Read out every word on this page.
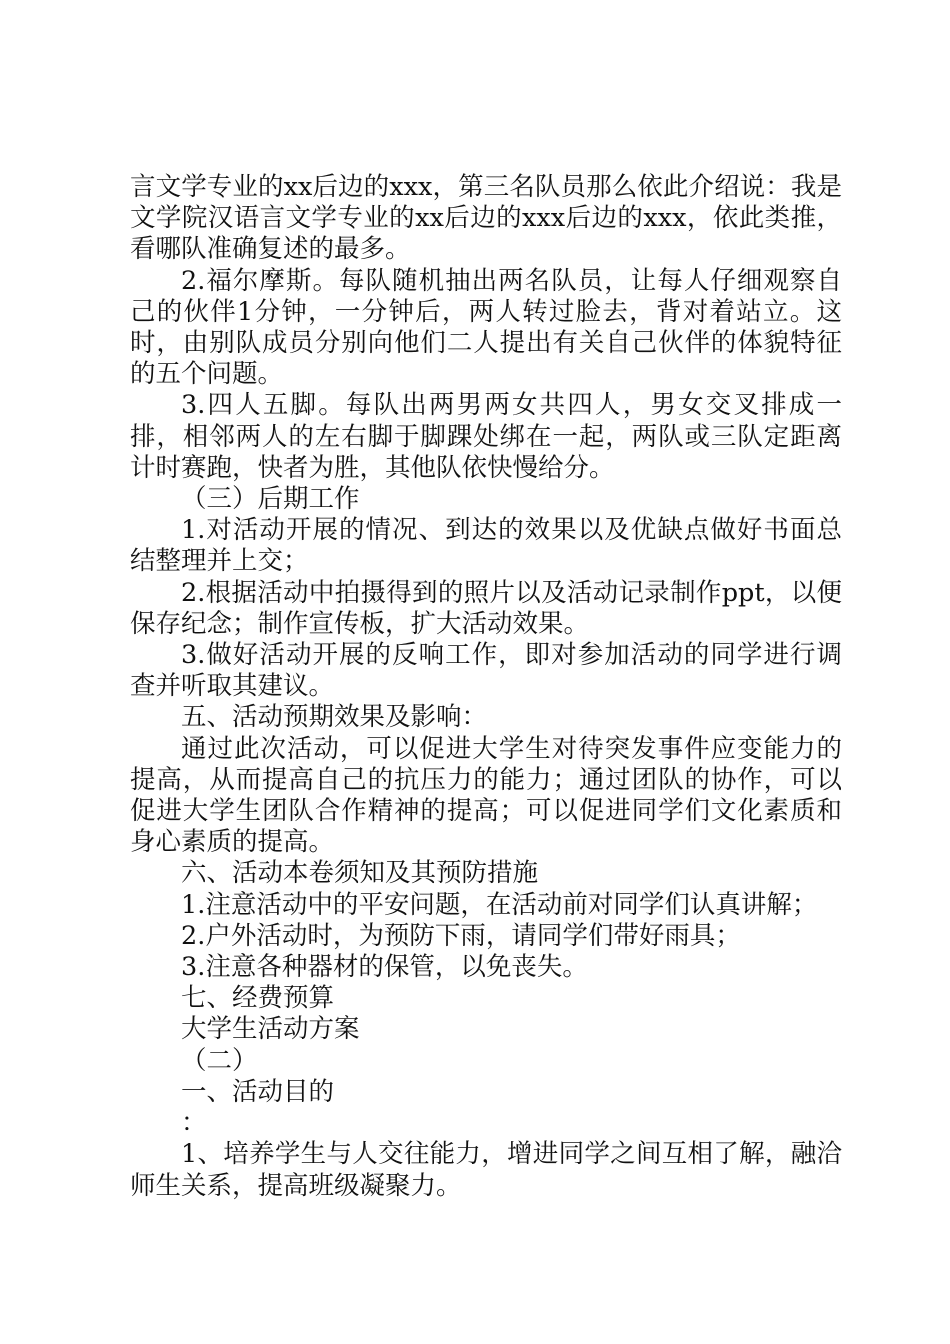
言文学专业的xx后边的xxx，第三名队员那么依此介绍说：我是文学院汉语言文学专业的xx后边的xxx后边的xxx，依此类推，看哪队准确复述的最多。

2.福尔摩斯。每队随机抽出两名队员，让每人仔细观察自己的伙伴1分钟，一分钟后，两人转过脸去，背对着站立。这时，由别队成员分别向他们二人提出有关自己伙伴的体貌特征的五个问题。

3.四人五脚。每队出两男两女共四人，男女交叉排成一排，相邻两人的左右脚于脚踝处绑在一起，两队或三队定距离计时赛跑，快者为胜，其他队依快慢给分。

（三）后期工作

1.对活动开展的情况、到达的效果以及优缺点做好书面总结整理并上交；

2.根据活动中拍摄得到的照片以及活动记录制作ppt，以便保存纪念；制作宣传板，扩大活动效果。

3.做好活动开展的反响工作，即对参加活动的同学进行调查并听取其建议。

五、活动预期效果及影响：

通过此次活动，可以促进大学生对待突发事件应变能力的提高，从而提高自己的抗压力的能力；通过团队的协作，可以促进大学生团队合作精神的提高；可以促进同学们文化素质和身心素质的提高。

六、活动本卷须知及其预防措施

1.注意活动中的平安问题，在活动前对同学们认真讲解；

2.户外活动时，为预防下雨，请同学们带好雨具；

3.注意各种器材的保管，以免丧失。

七、经费预算

大学生活动方案

（二）

一、活动目的

：

1、培养学生与人交往能力，增进同学之间互相了解，融洽师生关系，提高班级凝聚力。
